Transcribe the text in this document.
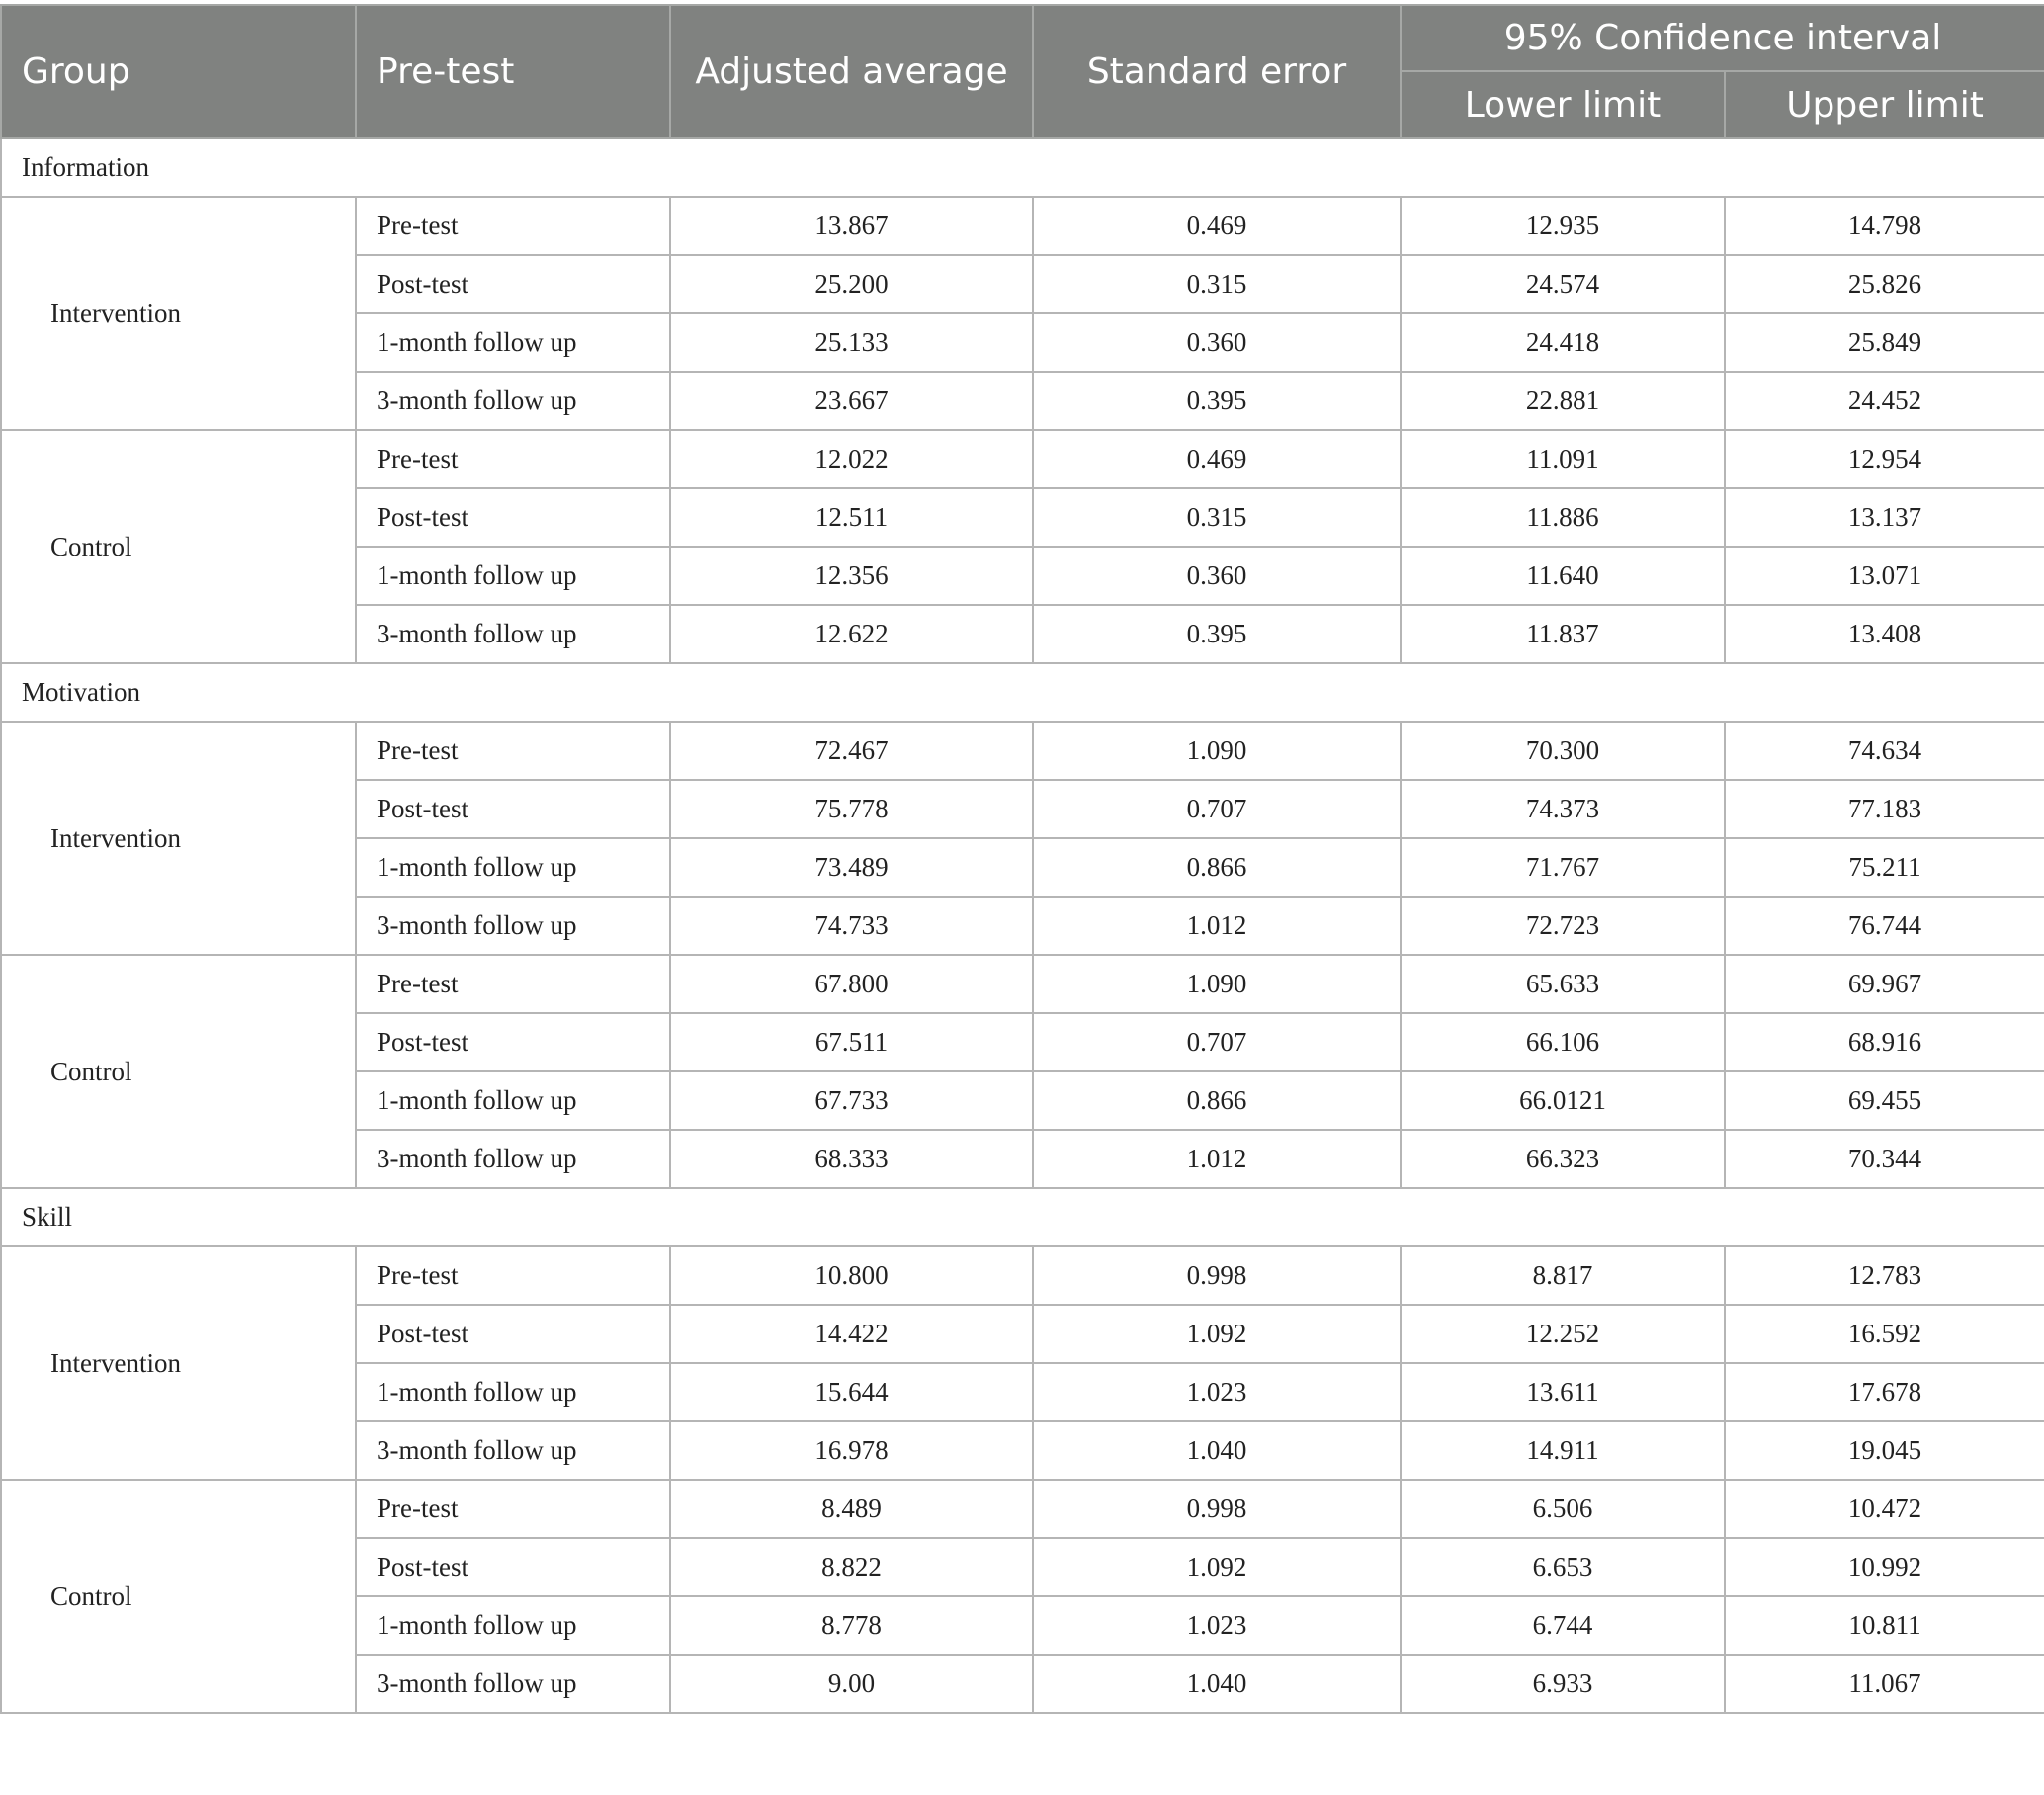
Group	Pre-test	Adjusted average	Standard error	95% Confidence interval	
				Lower limit	Upper limit
Information					
Intervention	Pre-test	13.867	0.469	12.935	14.798
	Post-test	25.200	0.315	24.574	25.826
	1-month follow up	25.133	0.360	24.418	25.849
	3-month follow up	23.667	0.395	22.881	24.452
Control	Pre-test	12.022	0.469	11.091	12.954
	Post-test	12.511	0.315	11.886	13.137
	1-month follow up	12.356	0.360	11.640	13.071
	3-month follow up	12.622	0.395	11.837	13.408
Motivation					
Intervention	Pre-test	72.467	1.090	70.300	74.634
	Post-test	75.778	0.707	74.373	77.183
	1-month follow up	73.489	0.866	71.767	75.211
	3-month follow up	74.733	1.012	72.723	76.744
Control	Pre-test	67.800	1.090	65.633	69.967
	Post-test	67.511	0.707	66.106	68.916
	1-month follow up	67.733	0.866	66.0121	69.455
	3-month follow up	68.333	1.012	66.323	70.344
Skill					
Intervention	Pre-test	10.800	0.998	8.817	12.783
	Post-test	14.422	1.092	12.252	16.592
	1-month follow up	15.644	1.023	13.611	17.678
	3-month follow up	16.978	1.040	14.911	19.045
Control	Pre-test	8.489	0.998	6.506	10.472
	Post-test	8.822	1.092	6.653	10.992
	1-month follow up	8.778	1.023	6.744	10.811
	3-month follow up	9.00	1.040	6.933	11.067
